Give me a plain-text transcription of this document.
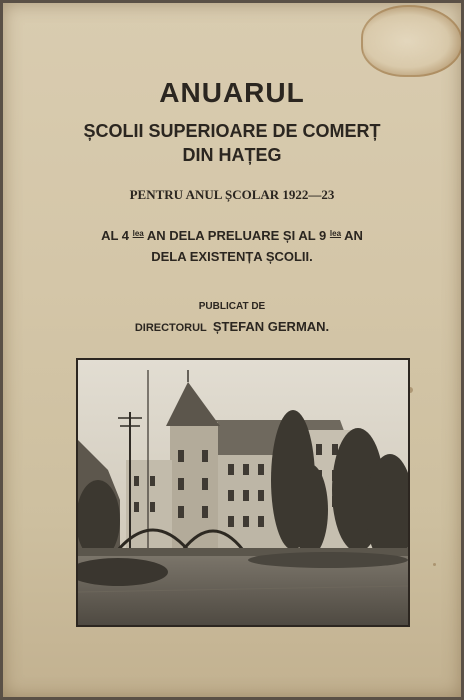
ANUARUL

ȘCOLII SUPERIOARE DE COMERȚ

DIN HAȚEG

PENTRU ANUL ȘCOLAR 1922—23

AL 4 $^{lea}$ AN DELA PRELUARE ȘI AL 9 $^{lea}$ AN

DELA EXISTENȚA ȘCOLII.

PUBLICAT DE

DIRECTORUL ȘTEFAN GERMAN.
